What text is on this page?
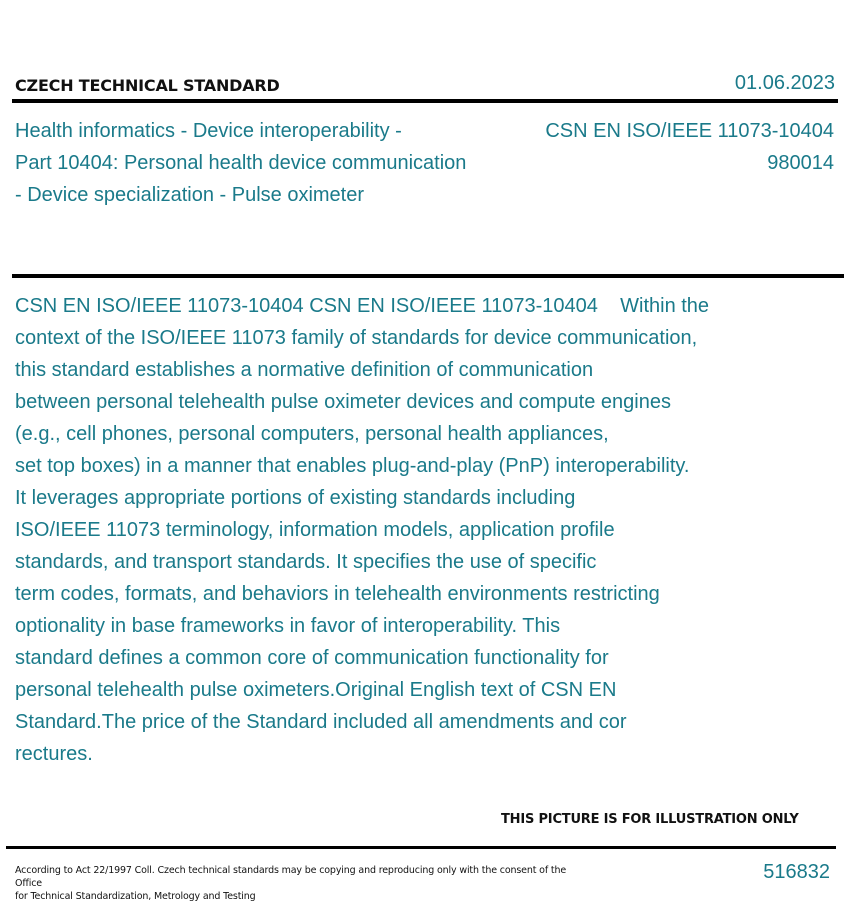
CZECH TECHNICAL STANDARD	01.06.2023
Health informatics - Device interoperability -
Part 10404: Personal health device communication
- Device specialization - Pulse oximeter
CSN EN ISO/IEEE 11073-10404
980014
CSN EN ISO/IEEE 11073-10404 CSN EN ISO/IEEE 11073-10404    Within the
context of the ISO/IEEE 11073 family of standards for device communication,
this standard establishes a normative definition of communication
between personal telehealth pulse oximeter devices and compute engines
(e.g., cell phones, personal computers, personal health appliances,
set top boxes) in a manner that enables plug-and-play (PnP) interoperability.
It leverages appropriate portions of existing standards including
ISO/IEEE 11073 terminology, information models, application profile
standards, and transport standards. It specifies the use of specific
term codes, formats, and behaviors in telehealth environments restricting
optionality in base frameworks in favor of interoperability. This
standard defines a common core of communication functionality for
personal telehealth pulse oximeters.Original English text of CSN EN
Standard.The price of the Standard included all amendments and cor
rectures.
THIS PICTURE IS FOR ILLUSTRATION ONLY
According to Act 22/1997 Coll. Czech technical standards may be copying and reproducing only with the consent of the Office
for Technical Standardization, Metrology and Testing
516832
